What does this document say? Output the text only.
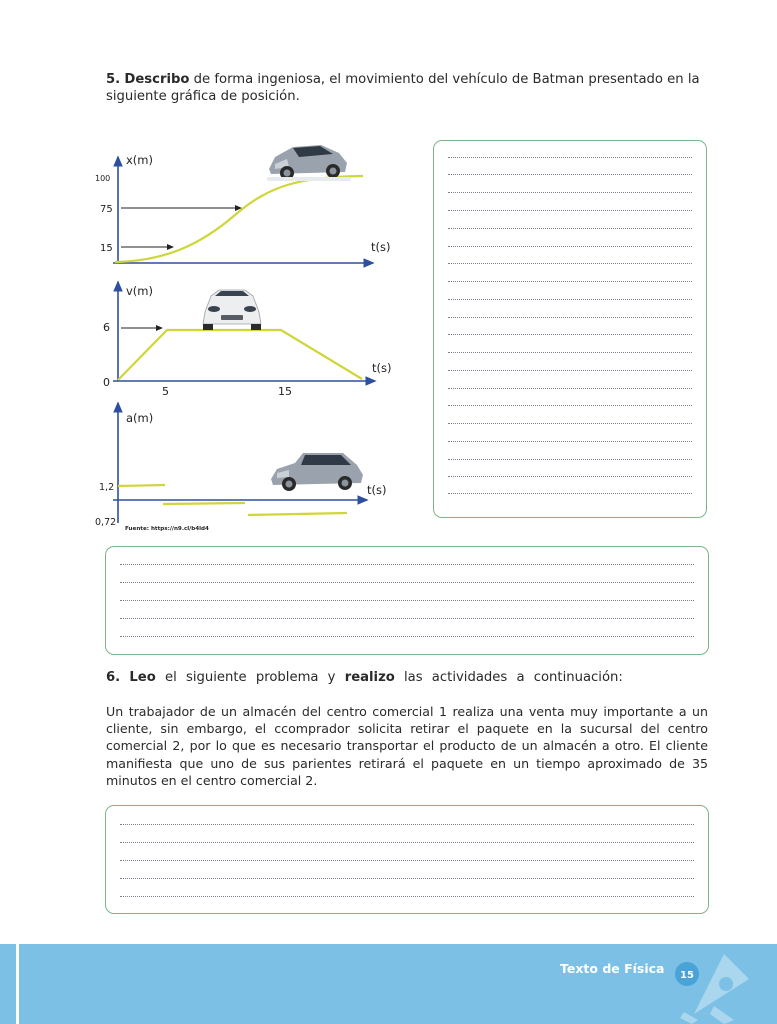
5. Describo de forma ingeniosa, el movimiento del vehículo de Batman presentado en la siguiente gráfica de posición.
x(m)
t(s)
100
75
15
v(m)
t(s)
6
0
5	15
a(m)
t(s)
1,2
0,72
Fuente: https://n9.cl/b4ld4
6. Leo el siguiente problema y realizo las actividades a continuación:
Un trabajador de un almacén del centro comercial 1 realiza una venta muy importante a un cliente, sin embargo, el ccomprador solicita retirar el paquete en la sucursal del centro comercial 2, por lo que es necesario transportar el producto de un almacén a otro. El cliente manifiesta que uno de sus parientes retirará el paquete en un tiempo aproximado de 35 minutos en el centro comercial 2.
Texto de Física 15
